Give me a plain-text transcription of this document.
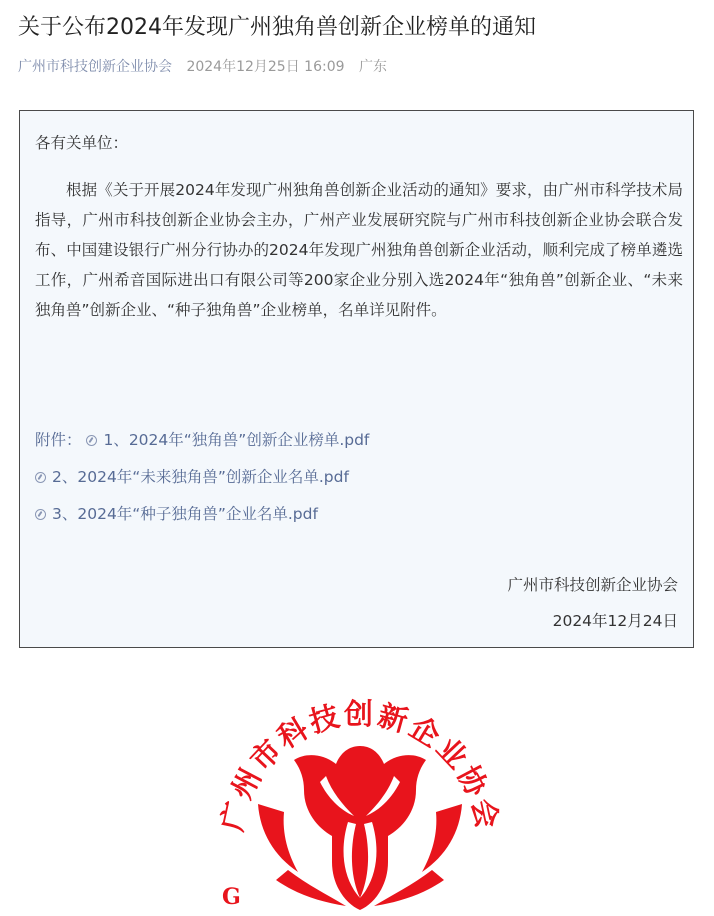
关于公布2024年发现广州独角兽创新企业榜单的通知
广州市科技创新企业协会 2024年12月25日 16:09 广东
各有关单位：

根据《关于开展2024年发现广州独角兽创新企业活动的通知》要求，由广州市科学技术局指导，广州市科技创新企业协会主办，广州产业发展研究院与广州市科技创新企业协会联合发布、中国建设银行广州分行协办的2024年发现广州独角兽创新企业活动，顺利完成了榜单遴选工作，广州希音国际进出口有限公司等200家企业分别入选2024年“独角兽”创新企业、“未来独角兽”创新企业、“种子独角兽”企业榜单，名单详见附件。

附件： 1、2024年“独角兽”创新企业榜单.pdf
2、2024年“未来独角兽”创新企业名单.pdf
3、2024年“种子独角兽”企业名单.pdf
广州市科技创新企业协会
2024年12月24日
广州市科技创新企业协会
G
